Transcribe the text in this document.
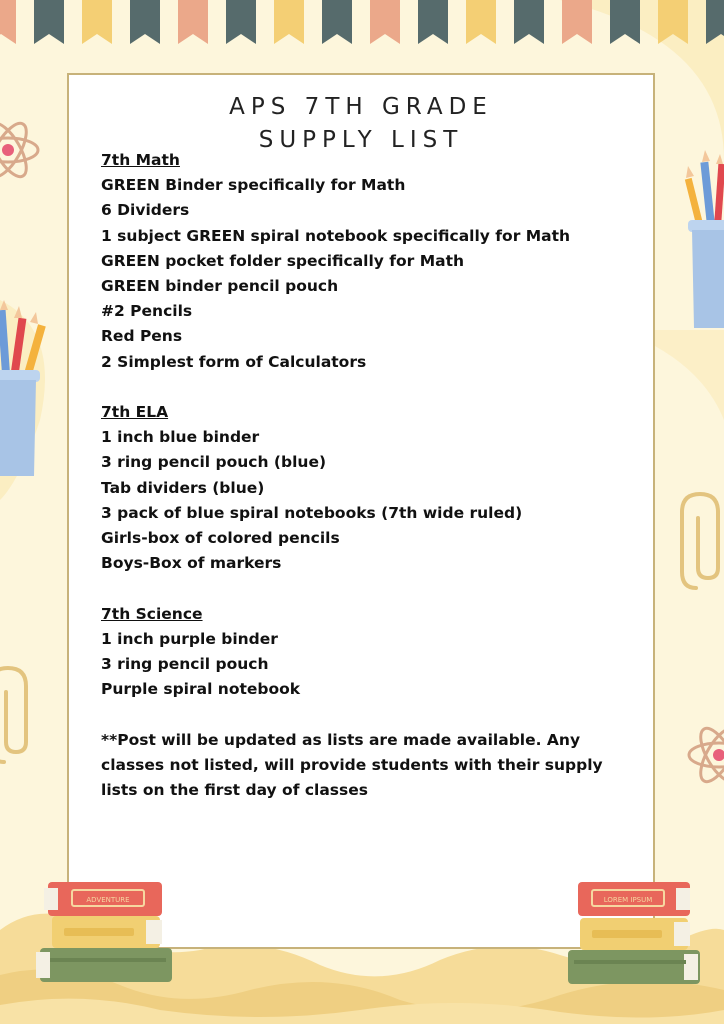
APS 7TH GRADE
SUPPLY LIST
7th Math
GREEN Binder specifically for Math
6 Dividers
1 subject GREEN spiral notebook specifically for Math
GREEN pocket folder specifically for Math
GREEN binder pencil pouch
#2 Pencils
Red Pens
2 Simplest form of Calculators
7th ELA
1 inch blue binder
3 ring pencil pouch (blue)
Tab dividers (blue)
3 pack of blue spiral notebooks (7th wide ruled)
Girls-box of colored pencils
Boys-Box of markers
7th Science
1 inch purple binder
3 ring pencil pouch
Purple spiral notebook
**Post will be updated as lists are made available. Any classes not listed, will provide students with their supply lists on the first day of classes
ADVENTURE	LOREM IPSUM
